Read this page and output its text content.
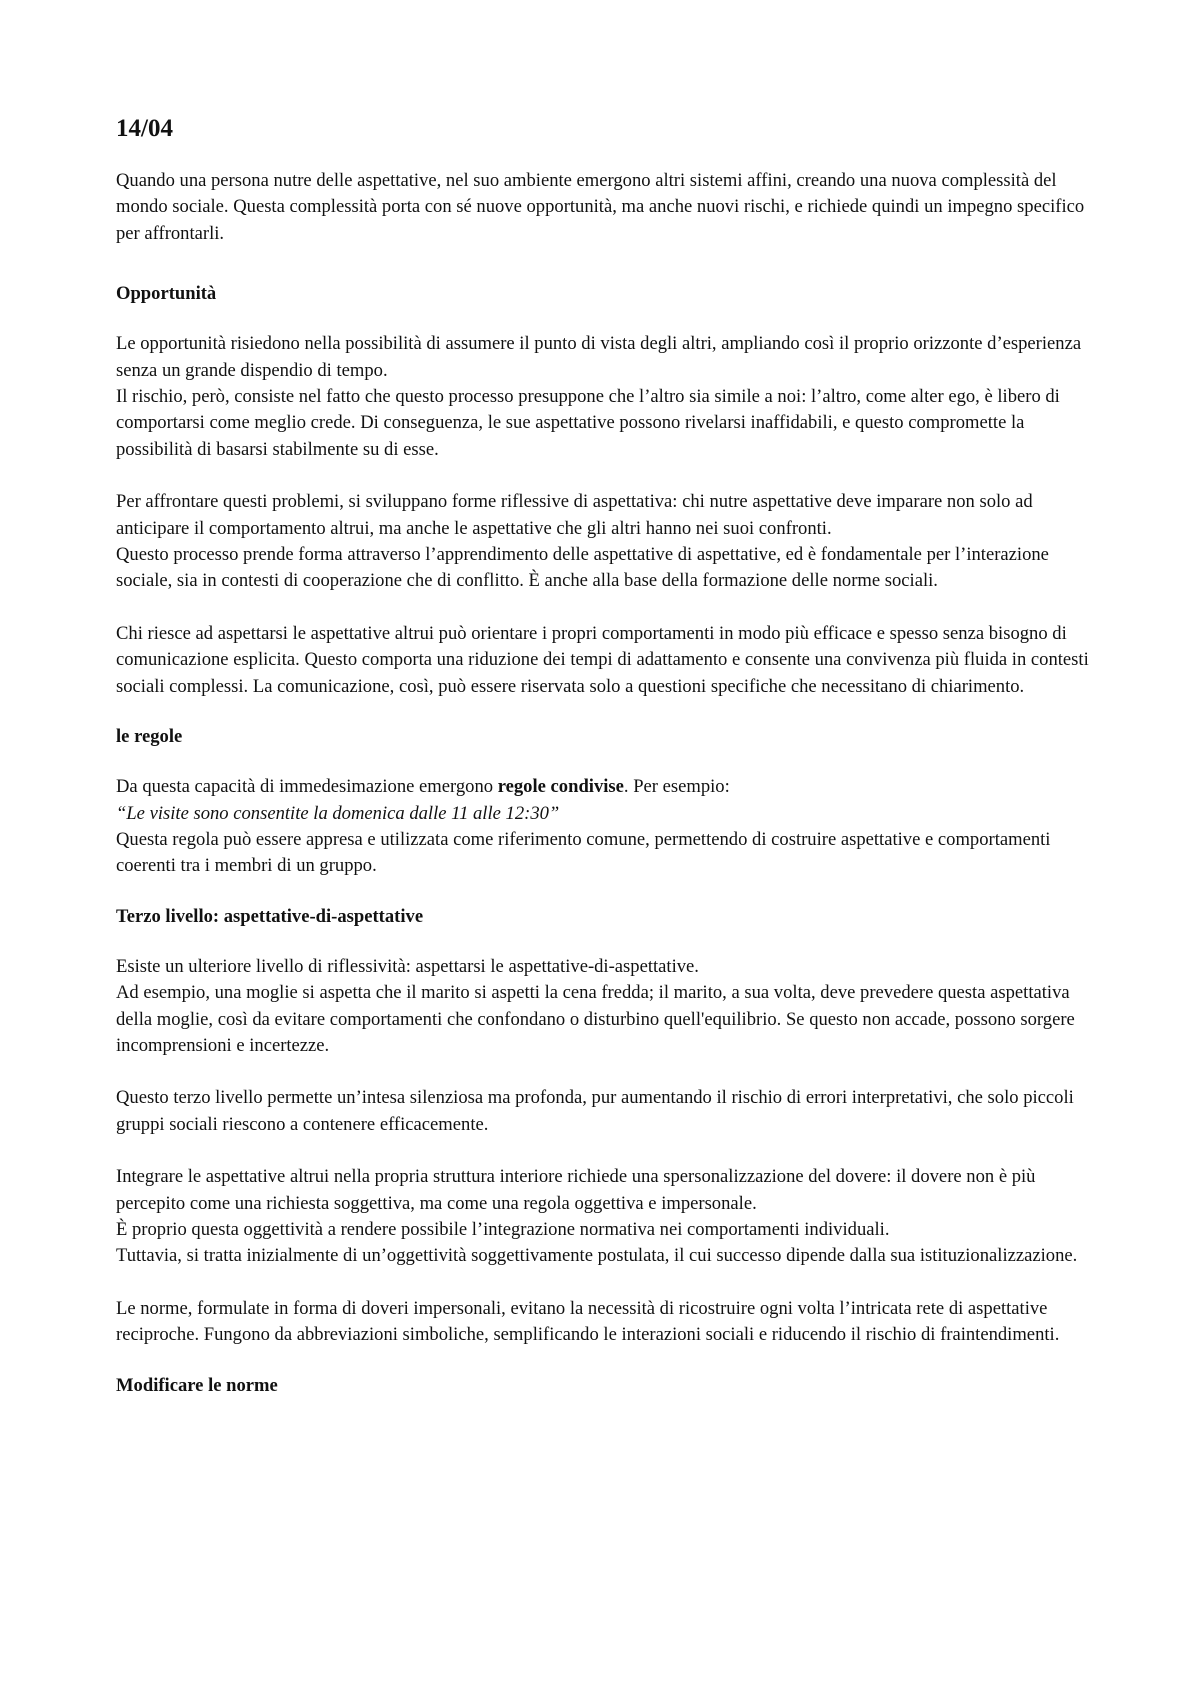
14/04

Quando una persona nutre delle aspettative, nel suo ambiente emergono altri sistemi affini, creando una nuova complessità del mondo sociale. Questa complessità porta con sé nuove opportunità, ma anche nuovi rischi, e richiede quindi un impegno specifico per affrontarli.

Opportunità

Le opportunità risiedono nella possibilità di assumere il punto di vista degli altri, ampliando così il proprio orizzonte d’esperienza senza un grande dispendio di tempo.

Il rischio, però, consiste nel fatto che questo processo presuppone che l’altro sia simile a noi: l’altro, come alter ego, è libero di comportarsi come meglio crede. Di conseguenza, le sue aspettative possono rivelarsi inaffidabili, e questo compromette la possibilità di basarsi stabilmente su di esse.

Per affrontare questi problemi, si sviluppano forme riflessive di aspettativa: chi nutre aspettative deve imparare non solo ad anticipare il comportamento altrui, ma anche le aspettative che gli altri hanno nei suoi confronti.

Questo processo prende forma attraverso l’apprendimento delle aspettative di aspettative, ed è fondamentale per l’interazione sociale, sia in contesti di cooperazione che di conflitto. È anche alla base della formazione delle norme sociali.

Chi riesce ad aspettarsi le aspettative altrui può orientare i propri comportamenti in modo più efficace e spesso senza bisogno di comunicazione esplicita. Questo comporta una riduzione dei tempi di adattamento e consente una convivenza più fluida in contesti sociali complessi. La comunicazione, così, può essere riservata solo a questioni specifiche che necessitano di chiarimento.

le regole

Da questa capacità di immedesimazione emergono regole condivise. Per esempio:

“Le visite sono consentite la domenica dalle 11 alle 12:30”

Questa regola può essere appresa e utilizzata come riferimento comune, permettendo di costruire aspettative e comportamenti coerenti tra i membri di un gruppo.

Terzo livello: aspettative-di-aspettative

Esiste un ulteriore livello di riflessività: aspettarsi le aspettative-di-aspettative.

Ad esempio, una moglie si aspetta che il marito si aspetti la cena fredda; il marito, a sua volta, deve prevedere questa aspettativa della moglie, così da evitare comportamenti che confondano o disturbino quell'equilibrio. Se questo non accade, possono sorgere incomprensioni e incertezze.

Questo terzo livello permette un’intesa silenziosa ma profonda, pur aumentando il rischio di errori interpretativi, che solo piccoli gruppi sociali riescono a contenere efficacemente.

Integrare le aspettative altrui nella propria struttura interiore richiede una spersonalizzazione del dovere: il dovere non è più percepito come una richiesta soggettiva, ma come una regola oggettiva e impersonale.

È proprio questa oggettività a rendere possibile l’integrazione normativa nei comportamenti individuali.

Tuttavia, si tratta inizialmente di un’oggettività soggettivamente postulata, il cui successo dipende dalla sua istituzionalizzazione.

Le norme, formulate in forma di doveri impersonali, evitano la necessità di ricostruire ogni volta l’intricata rete di aspettative reciproche. Fungono da abbreviazioni simboliche, semplificando le interazioni sociali e riducendo il rischio di fraintendimenti.

Modificare le norme
